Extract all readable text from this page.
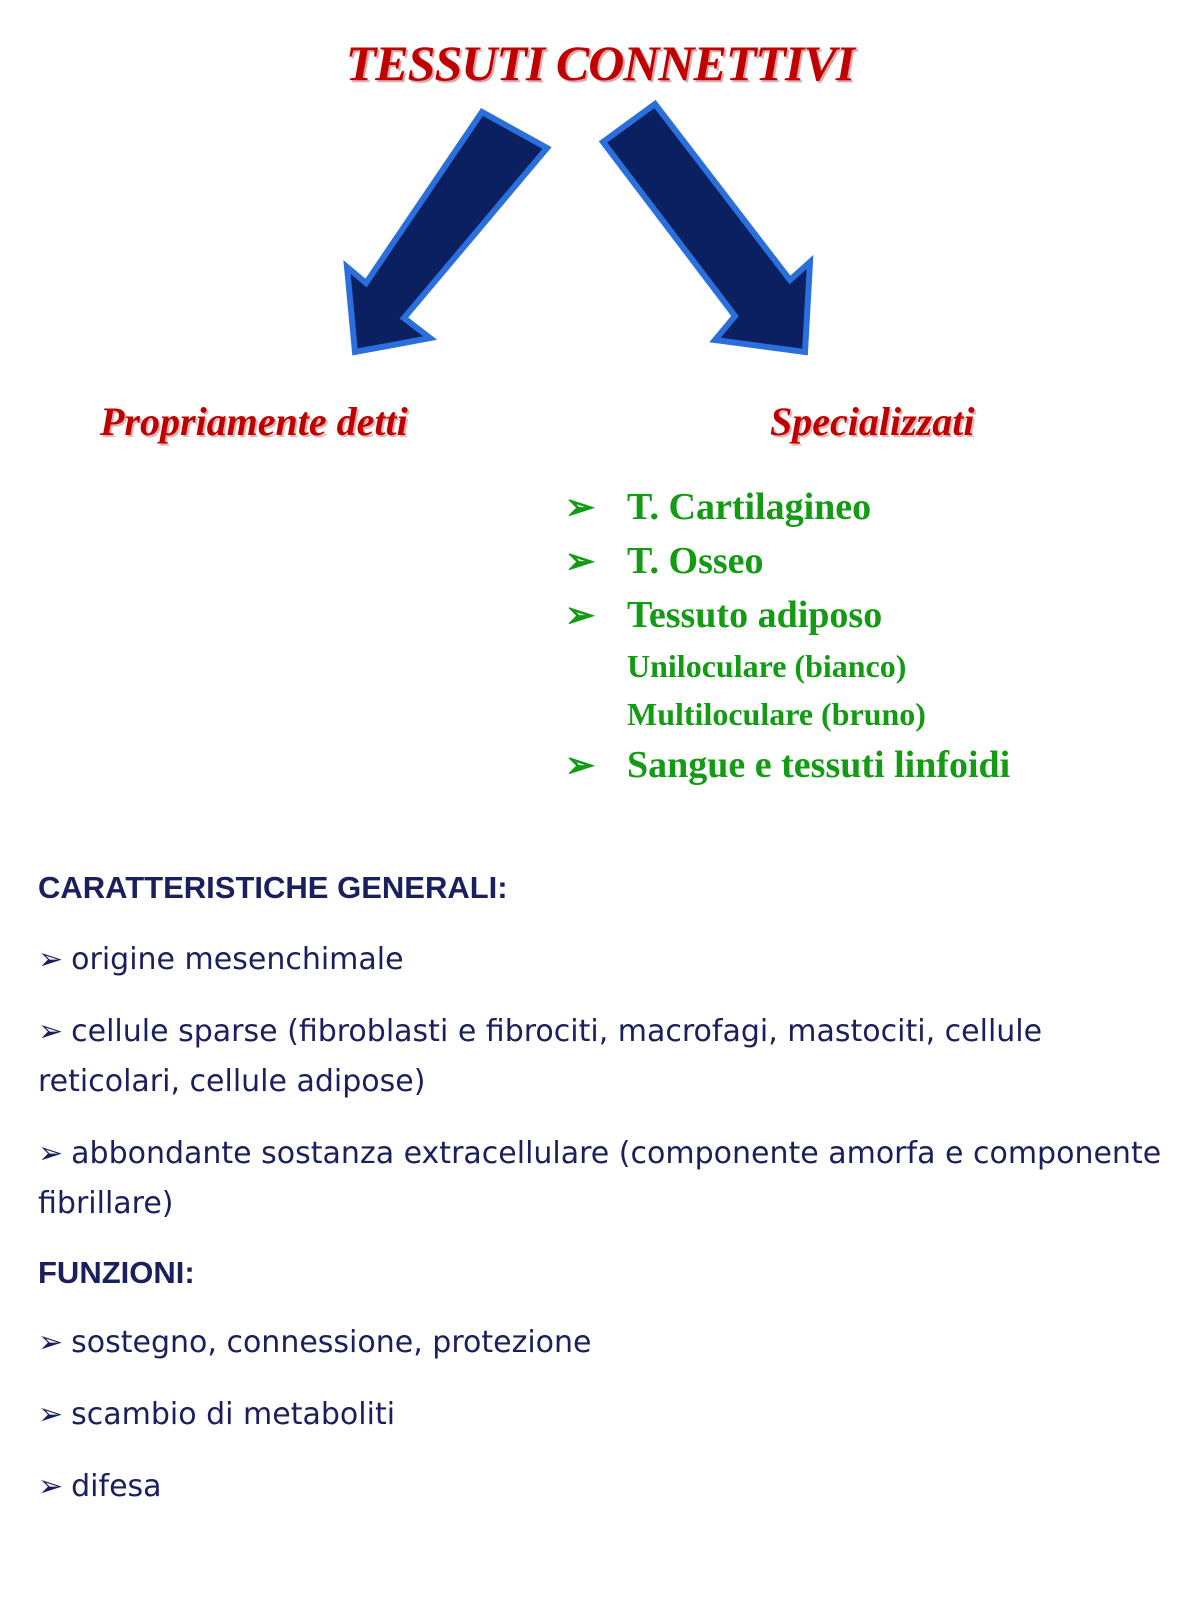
TESSUTI CONNETTIVI
Propriamente detti	Specializzati
➢ T. Cartilagineo
➢ T. Osseo
➢ Tessuto adiposo
Uniloculare (bianco)
Multiloculare (bruno)
➢ Sangue e tessuti linfoidi
CARATTERISTICHE GENERALI:
➢ origine mesenchimale
➢ cellule sparse (fibroblasti e fibrociti, macrofagi, mastociti, cellule reticolari, cellule adipose)
➢ abbondante sostanza extracellulare (componente amorfa e componente fibrillare)
FUNZIONI:
➢ sostegno, connessione, protezione
➢ scambio di metaboliti
➢ difesa
